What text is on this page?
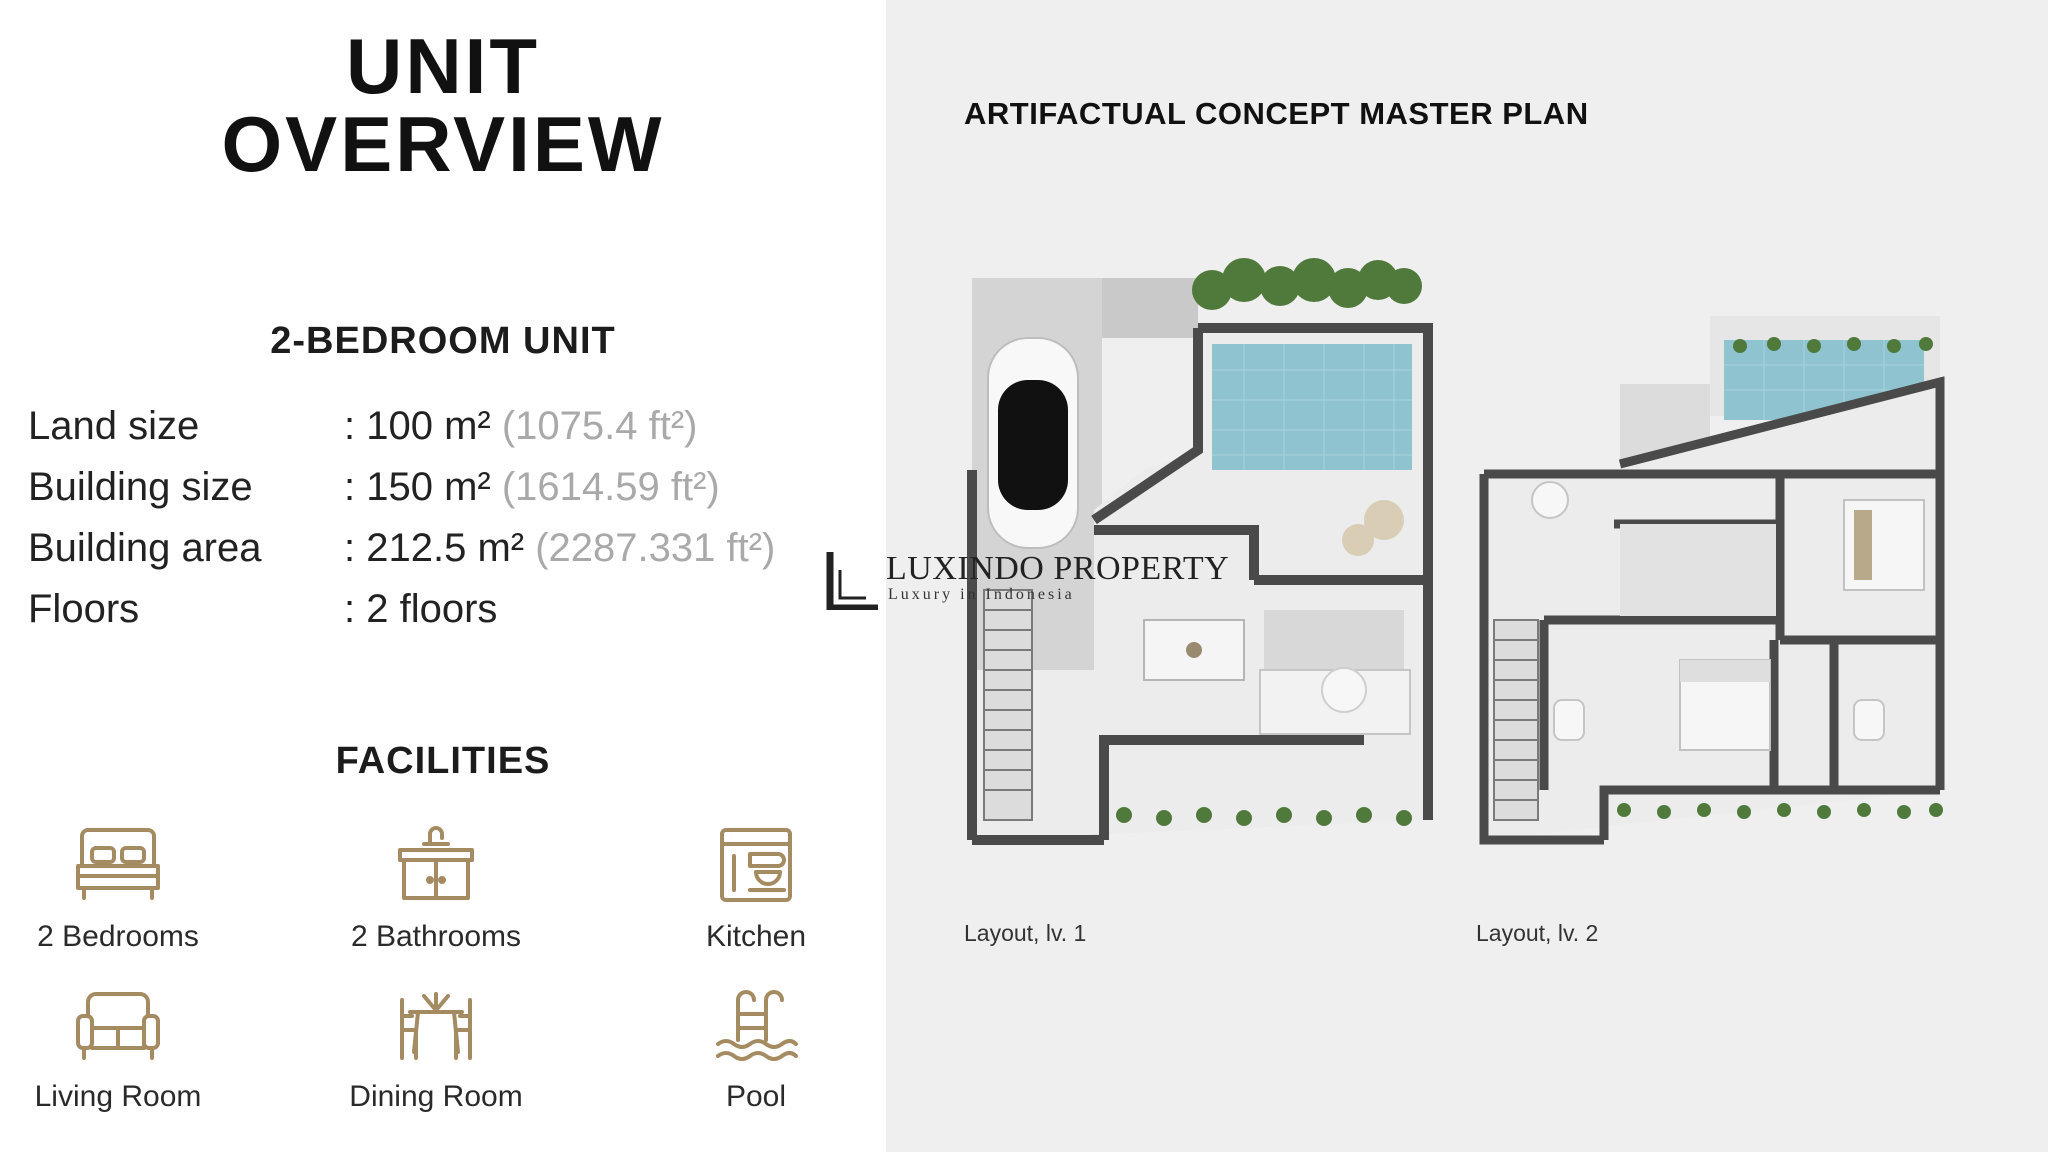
UNIT
OVERVIEW
2-BEDROOM UNIT
Land size	: 100 m² (1075.4 ft²)
Building size : 150 m² (1614.59 ft²)
Building area : 212.5 m² (2287.331 ft²)
Floors	: 2 floors
FACILITIES
2 Bedrooms	2 Bathrooms	Kitchen
Living Room	Dining Room	Pool
ARTIFACTUAL CONCEPT MASTER PLAN
Layout, lv. 1	Layout, lv. 2
LUXINDO PROPERTY
Luxury in Indonesia
